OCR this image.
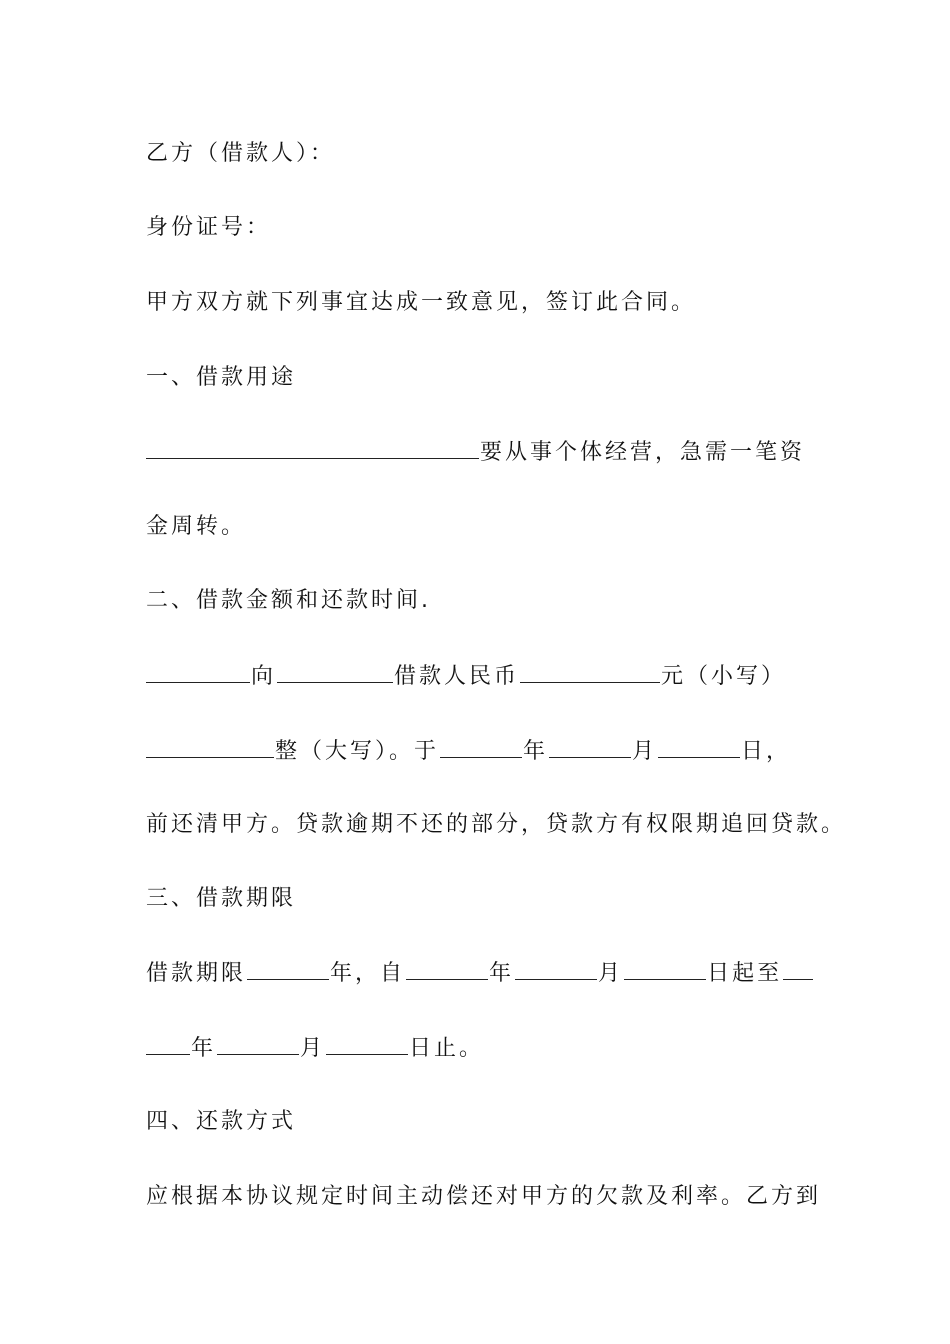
乙方（借款人）：
身份证号：
甲方双方就下列事宜达成一致意见，签订此合同。
一、借款用途
要从事个体经营，急需一笔资
金周转。
二、借款金额和还款时间.
向	借款人民币	元（小写）
整（大写）。于	年	月	日，
前还清甲方。贷款逾期不还的部分，贷款方有权限期追回贷款。
三、借款期限
借款期限	年，自	年	月	日起至
年	月	日止。
四、还款方式
应根据本协议规定时间主动偿还对甲方的欠款及利率。乙方到
